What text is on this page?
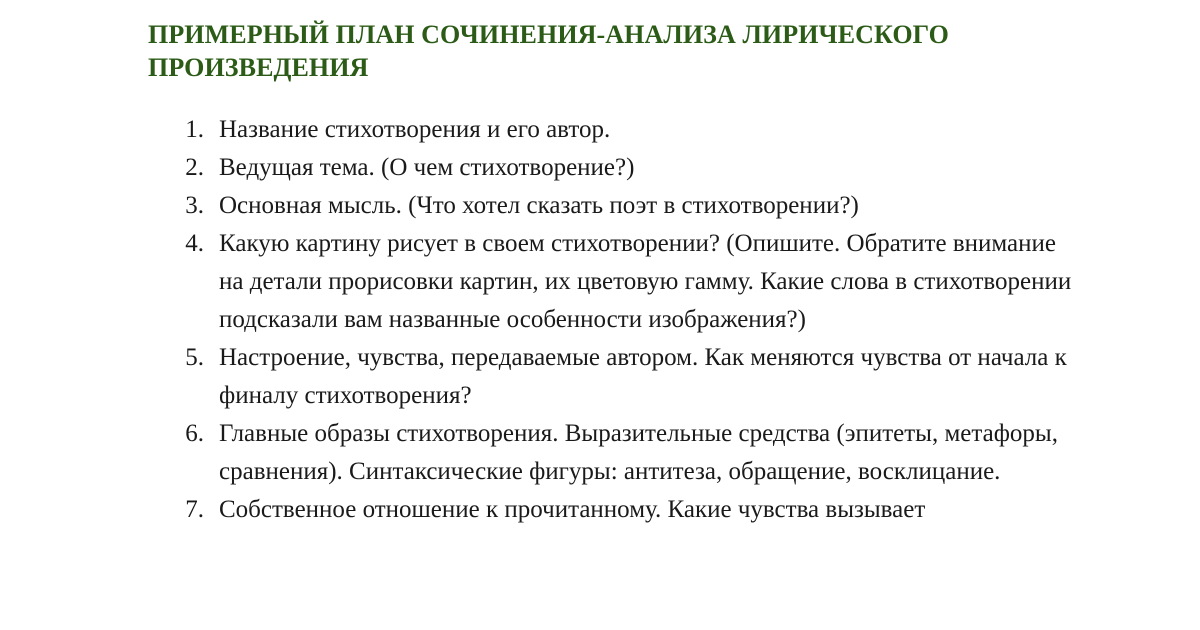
ПРИМЕРНЫЙ ПЛАН СОЧИНЕНИЯ-АНАЛИЗА ЛИРИЧЕСКОГО ПРОИЗВЕДЕНИЯ
1. Название стихотворения и его автор.
2. Ведущая тема. (О чем стихотворение?)
3. Основная мысль. (Что хотел сказать поэт в стихотворении?)
4. Какую картину рисует в своем стихотворении? (Опишите. Обратите внимание на детали прорисовки картин, их цветовую гамму. Какие слова в стихотворении подсказали вам названные особенности изображения?)
5. Настроение, чувства, передаваемые автором. Как меняются чувства от начала к финалу стихотворения?
6. Главные образы стихотворения. Выразительные средства (эпитеты, метафоры, сравнения). Синтаксические фигуры: антитеза, обращение, восклицание.
7. Собственное отношение к прочитанному. Какие чувства вызывает
